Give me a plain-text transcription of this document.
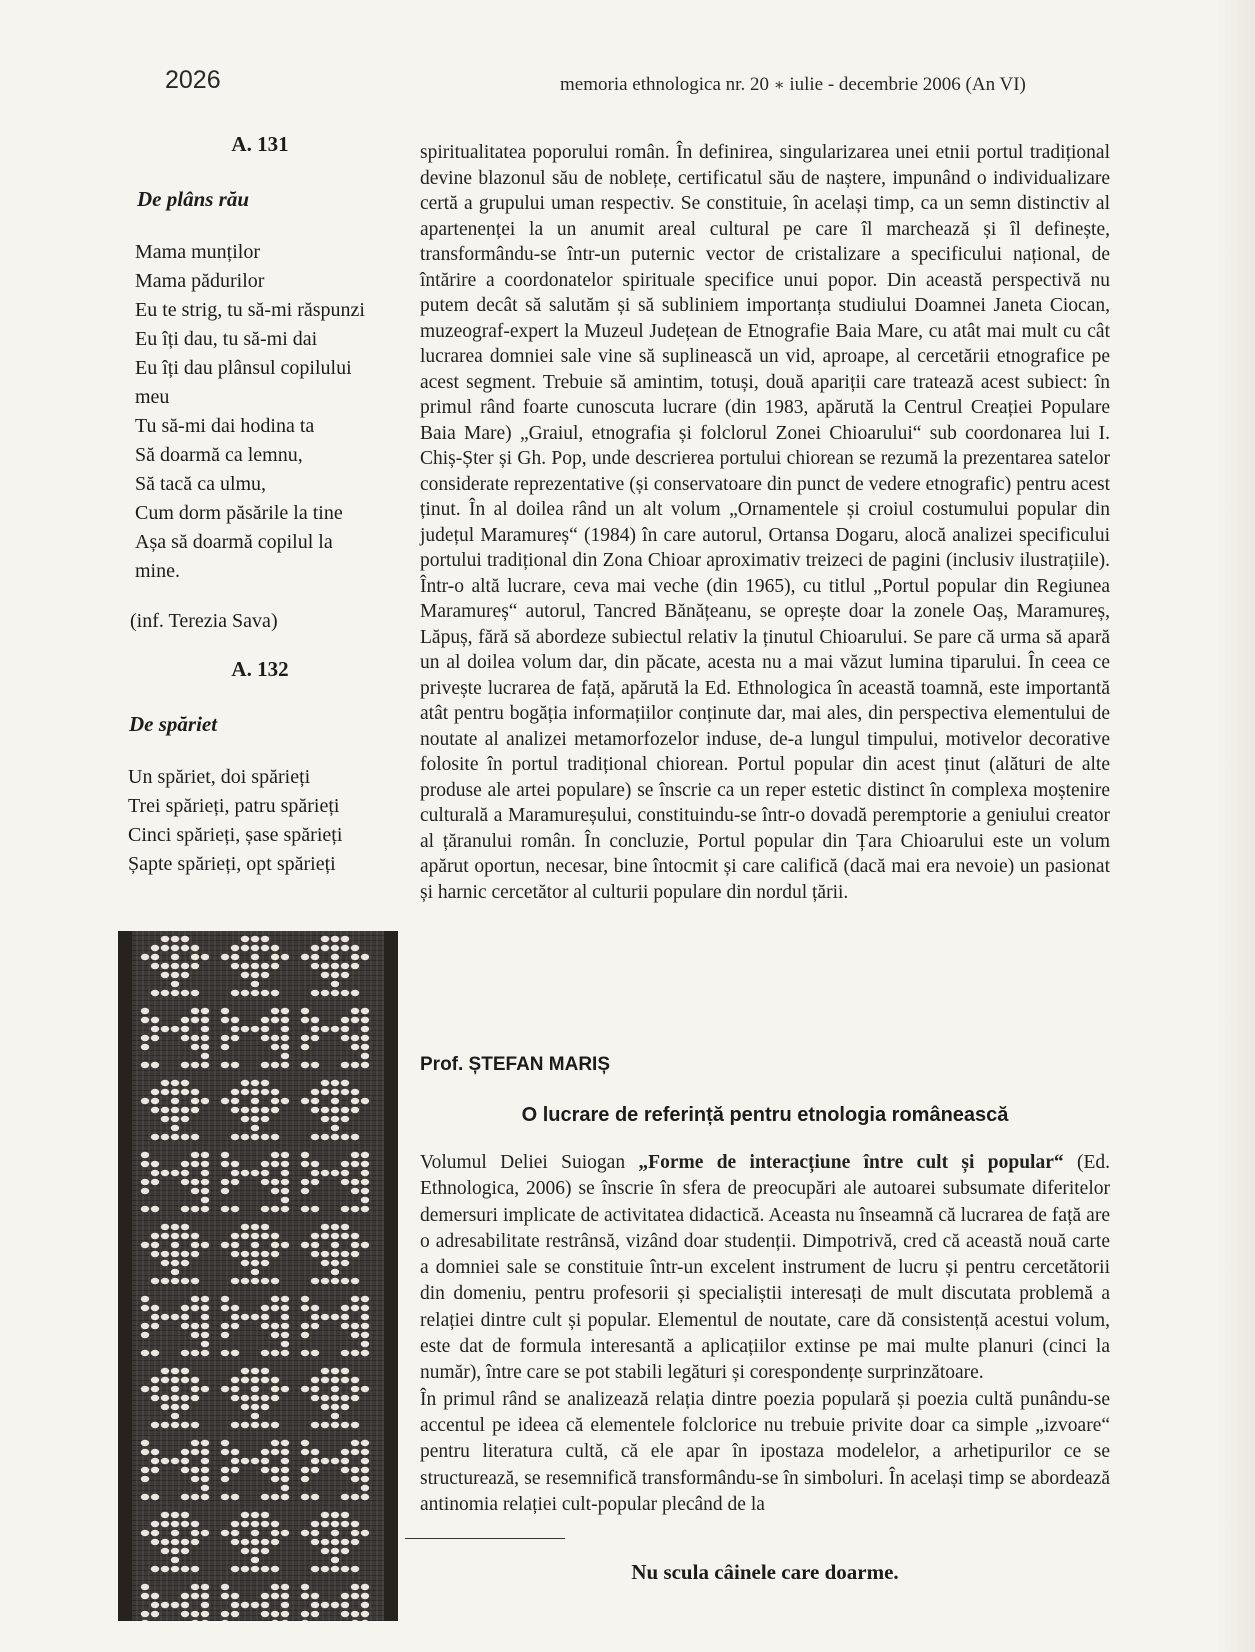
2026	memoria ethnologica nr. 20 ∗ iulie - decembrie 2006 (An VI)

A. 131

De plâns rău

Mama munților
Mama pădurilor
Eu te strig, tu să-mi răspunzi
Eu îți dau, tu să-mi dai
Eu îți dau plânsul copilului
meu
Tu să-mi dai hodina ta
Să doarmă ca lemnu,
Să tacă ca ulmu,
Cum dorm păsările la tine
Așa să doarmă copilul la
mine.

(inf. Terezia Sava)

A. 132

De spăriet

Un spăriet, doi spărieți
Trei spărieți, patru spărieți
Cinci spărieți, șase spărieți
Șapte spărieți, opt spărieți

spiritualitatea poporului român. În definirea, singularizarea unei etnii portul tradițional devine blazonul său de noblețe, certificatul său de naștere, impunând o individualizare certă a grupului uman respectiv. Se constituie, în același timp, ca un semn distinctiv al apartenenței la un anumit areal cultural pe care îl marchează și îl definește, transformându-se într-un puternic vector de cristalizare a specificului național, de întărire a coordonatelor spirituale specifice unui popor. Din această perspectivă nu putem decât să salutăm și să subliniem importanța studiului Doamnei Janeta Ciocan, muzeograf-expert la Muzeul Județean de Etnografie Baia Mare, cu atât mai mult cu cât lucrarea domniei sale vine să suplinească un vid, aproape, al cercetării etnografice pe acest segment. Trebuie să amintim, totuși, două apariții care tratează acest subiect: în primul rând foarte cunoscuta lucrare (din 1983, apărută la Centrul Creației Populare Baia Mare) „Graiul, etnografia și folclorul Zonei Chioarului“ sub coordonarea lui I. Chiș-Șter și Gh. Pop, unde descrierea portului chiorean se rezumă la prezentarea satelor considerate reprezentative (și conservatoare din punct de vedere etnografic) pentru acest ținut. În al doilea rând un alt volum „Ornamentele și croiul costumului popular din județul Maramureș“ (1984) în care autorul, Ortansa Dogaru, alocă analizei specificului portului tradițional din Zona Chioar aproximativ treizeci de pagini (inclusiv ilustrațiile). Într-o altă lucrare, ceva mai veche (din 1965), cu titlul „Portul popular din Regiunea Maramureș“ autorul, Tancred Bănățeanu, se oprește doar la zonele Oaș, Maramureș, Lăpuș, fără să abordeze subiectul relativ la ținutul Chioarului. Se pare că urma să apară un al doilea volum dar, din păcate, acesta nu a mai văzut lumina tiparului. În ceea ce privește lucrarea de față, apărută la Ed. Ethnologica în această toamnă, este importantă atât pentru bogăția informațiilor conținute dar, mai ales, din perspectiva elementului de noutate al analizei metamorfozelor induse, de-a lungul timpului, motivelor decorative folosite în portul tradițional chiorean. Portul popular din acest ținut (alături de alte produse ale artei populare) se înscrie ca un reper estetic distinct în complexa moștenire culturală a Maramureșului, constituindu-se într-o dovadă peremptorie a geniului creator al țăranului român. În concluzie, Portul popular din Țara Chioarului este un volum apărut oportun, necesar, bine întocmit și care califică (dacă mai era nevoie) un pasionat și harnic cercetător al culturii populare din nordul țării.

Prof. ȘTEFAN MARIȘ
O lucrare de referință pentru etnologia românească

Volumul Deliei Suiogan „Forme de interacțiune între cult și popular“ (Ed. Ethnologica, 2006) se înscrie în sfera de preocupări ale autoarei subsumate diferitelor demersuri implicate de activitatea didactică. Aceasta nu înseamnă că lucrarea de față are o adresabilitate restrânsă, vizând doar studenții. Dimpotrivă, cred că această nouă carte a domniei sale se constituie într-un excelent instrument de lucru și pentru cercetătorii din domeniu, pentru profesorii și specialiștii interesați de mult discutata problemă a relației dintre cult și popular. Elementul de noutate, care dă consistență acestui volum, este dat de formula interesantă a aplicațiilor extinse pe mai multe planuri (cinci la număr), între care se pot stabili legături și corespondențe surprinzătoare.

În primul rând se analizează relația dintre poezia populară și poezia cultă punându-se accentul pe ideea că elementele folclorice nu trebuie privite doar ca simple „izvoare“ pentru literatura cultă, că ele apar în ipostaza modelelor, a arhetipurilor ce se structurează, se resemnifică transformându-se în simboluri. În același timp se abordează antinomia relației cult-popular plecând de la

Nu scula câinele care doarme.
